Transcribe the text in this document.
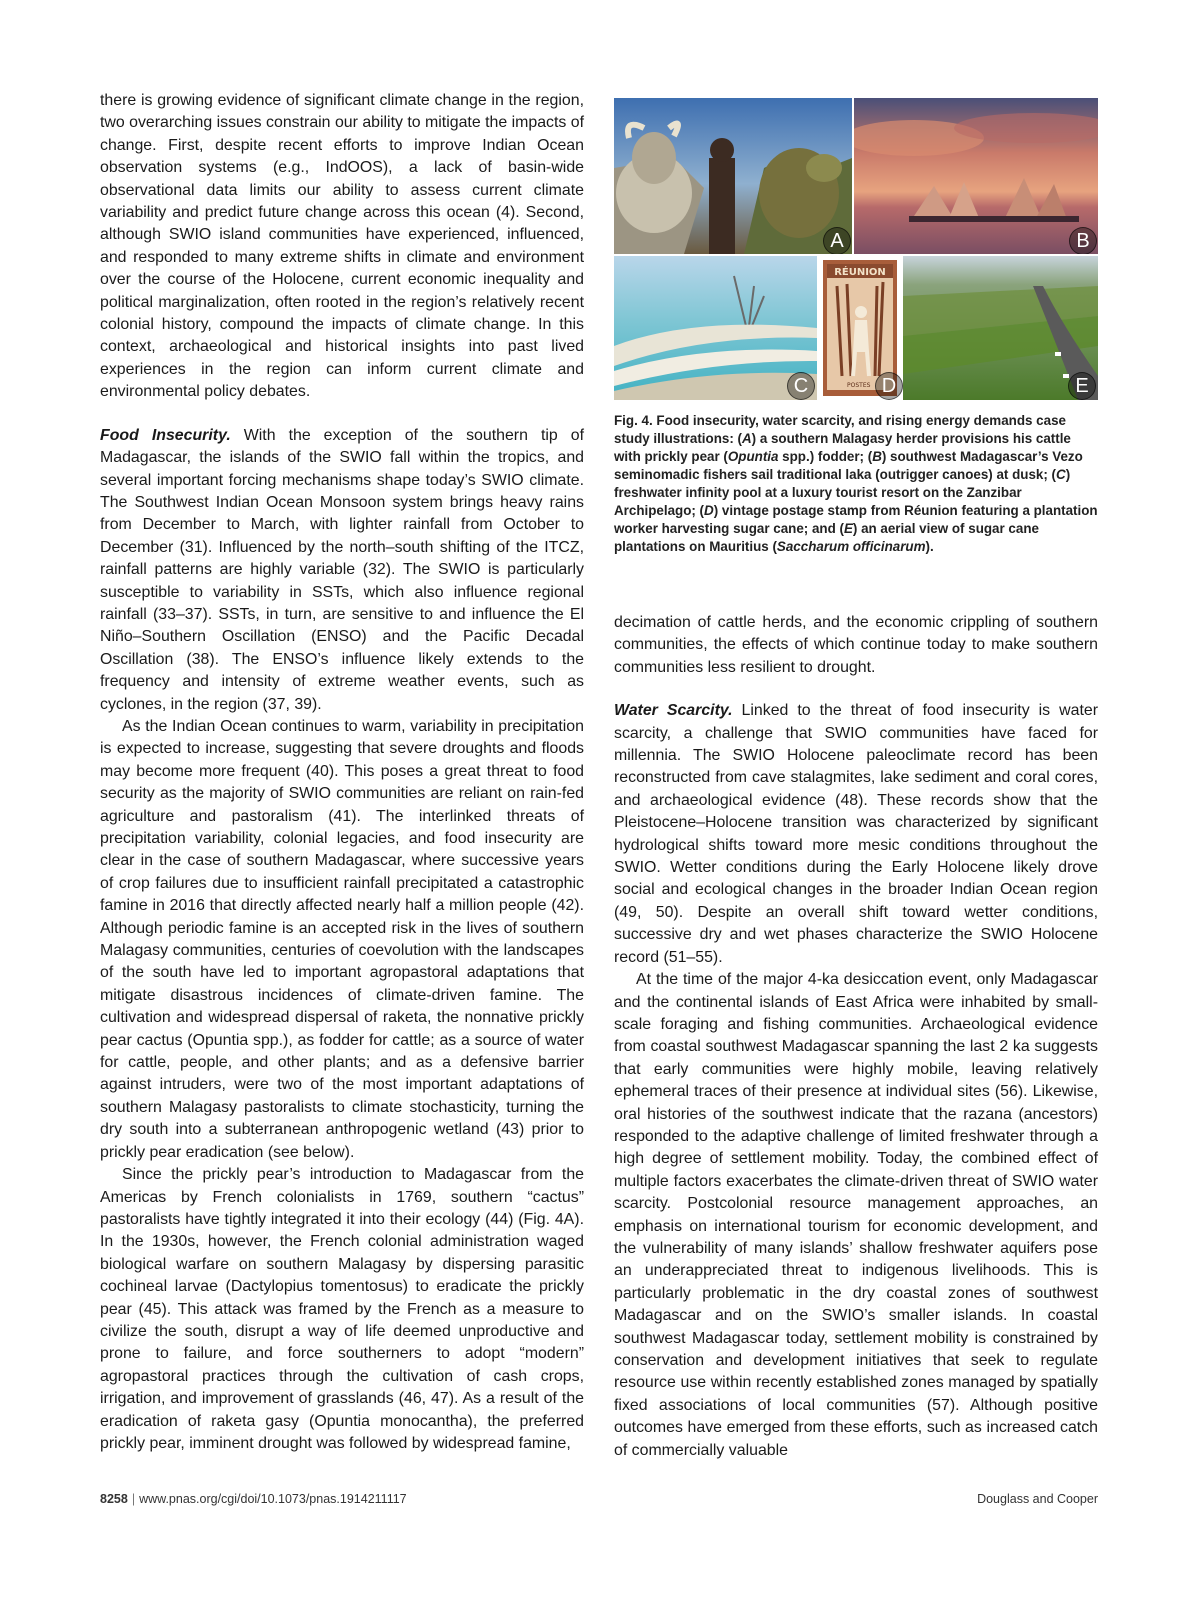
there is growing evidence of significant climate change in the region, two overarching issues constrain our ability to mitigate the impacts of change. First, despite recent efforts to improve Indian Ocean observation systems (e.g., IndOOS), a lack of basin-wide observational data limits our ability to assess current climate variability and predict future change across this ocean (4). Second, although SWIO island communities have experienced, influenced, and responded to many extreme shifts in climate and environment over the course of the Holocene, current economic inequality and political marginalization, often rooted in the region’s relatively recent colonial history, compound the impacts of climate change. In this context, archaeological and historical insights into past lived experiences in the region can inform current climate and environmental policy debates.

Food Insecurity. With the exception of the southern tip of Madagascar, the islands of the SWIO fall within the tropics, and several important forcing mechanisms shape today’s SWIO climate. The Southwest Indian Ocean Monsoon system brings heavy rains from December to March, with lighter rainfall from October to December (31). Influenced by the north–south shifting of the ITCZ, rainfall patterns are highly variable (32). The SWIO is particularly susceptible to variability in SSTs, which also influence regional rainfall (33–37). SSTs, in turn, are sensitive to and influence the El Niño–Southern Oscillation (ENSO) and the Pacific Decadal Oscillation (38). The ENSO’s influence likely extends to the frequency and intensity of extreme weather events, such as cyclones, in the region (37, 39).

As the Indian Ocean continues to warm, variability in precipitation is expected to increase, suggesting that severe droughts and floods may become more frequent (40). This poses a great threat to food security as the majority of SWIO communities are reliant on rain-fed agriculture and pastoralism (41). The interlinked threats of precipitation variability, colonial legacies, and food insecurity are clear in the case of southern Madagascar, where successive years of crop failures due to insufficient rainfall precipitated a catastrophic famine in 2016 that directly affected nearly half a million people (42). Although periodic famine is an accepted risk in the lives of southern Malagasy communities, centuries of coevolution with the landscapes of the south have led to important agropastoral adaptations that mitigate disastrous incidences of climate-driven famine. The cultivation and widespread dispersal of raketa, the nonnative prickly pear cactus (Opuntia spp.), as fodder for cattle; as a source of water for cattle, people, and other plants; and as a defensive barrier against intruders, were two of the most important adaptations of southern Malagasy pastoralists to climate stochasticity, turning the dry south into a subterranean anthropogenic wetland (43) prior to prickly pear eradication (see below).

Since the prickly pear’s introduction to Madagascar from the Americas by French colonialists in 1769, southern “cactus” pastoralists have tightly integrated it into their ecology (44) (Fig. 4A). In the 1930s, however, the French colonial administration waged biological warfare on southern Malagasy by dispersing parasitic cochineal larvae (Dactylopius tomentosus) to eradicate the prickly pear (45). This attack was framed by the French as a measure to civilize the south, disrupt a way of life deemed unproductive and prone to failure, and force southerners to adopt “modern” agropastoral practices through the cultivation of cash crops, irrigation, and improvement of grasslands (46, 47). As a result of the eradication of raketa gasy (Opuntia monocantha), the preferred prickly pear, imminent drought was followed by widespread famine,

A	B
C
RÉUNION
POSTES D	E
Fig. 4. Food insecurity, water scarcity, and rising energy demands case study illustrations: (A) a southern Malagasy herder provisions his cattle with prickly pear (Opuntia spp.) fodder; (B) southwest Madagascar’s Vezo seminomadic fishers sail traditional laka (outrigger canoes) at dusk; (C) freshwater infinity pool at a luxury tourist resort on the Zanzibar Archipelago; (D) vintage postage stamp from Réunion featuring a plantation worker harvesting sugar cane; and (E) an aerial view of sugar cane plantations on Mauritius (Saccharum officinarum).

decimation of cattle herds, and the economic crippling of southern communities, the effects of which continue today to make southern communities less resilient to drought.

Water Scarcity. Linked to the threat of food insecurity is water scarcity, a challenge that SWIO communities have faced for millennia. The SWIO Holocene paleoclimate record has been reconstructed from cave stalagmites, lake sediment and coral cores, and archaeological evidence (48). These records show that the Pleistocene–Holocene transition was characterized by significant hydrological shifts toward more mesic conditions throughout the SWIO. Wetter conditions during the Early Holocene likely drove social and ecological changes in the broader Indian Ocean region (49, 50). Despite an overall shift toward wetter conditions, successive dry and wet phases characterize the SWIO Holocene record (51–55).

At the time of the major 4-ka desiccation event, only Madagascar and the continental islands of East Africa were inhabited by small-scale foraging and fishing communities. Archaeological evidence from coastal southwest Madagascar spanning the last 2 ka suggests that early communities were highly mobile, leaving relatively ephemeral traces of their presence at individual sites (56). Likewise, oral histories of the southwest indicate that the razana (ancestors) responded to the adaptive challenge of limited freshwater through a high degree of settlement mobility. Today, the combined effect of multiple factors exacerbates the climate-driven threat of SWIO water scarcity. Postcolonial resource management approaches, an emphasis on international tourism for economic development, and the vulnerability of many islands’ shallow freshwater aquifers pose an underappreciated threat to indigenous livelihoods. This is particularly problematic in the dry coastal zones of southwest Madagascar and on the SWIO’s smaller islands. In coastal southwest Madagascar today, settlement mobility is constrained by conservation and development initiatives that seek to regulate resource use within recently established zones managed by spatially fixed associations of local communities (57). Although positive outcomes have emerged from these efforts, such as increased catch of commercially valuable

8258 | www.pnas.org/cgi/doi/10.1073/pnas.1914211117	Douglass and Cooper
